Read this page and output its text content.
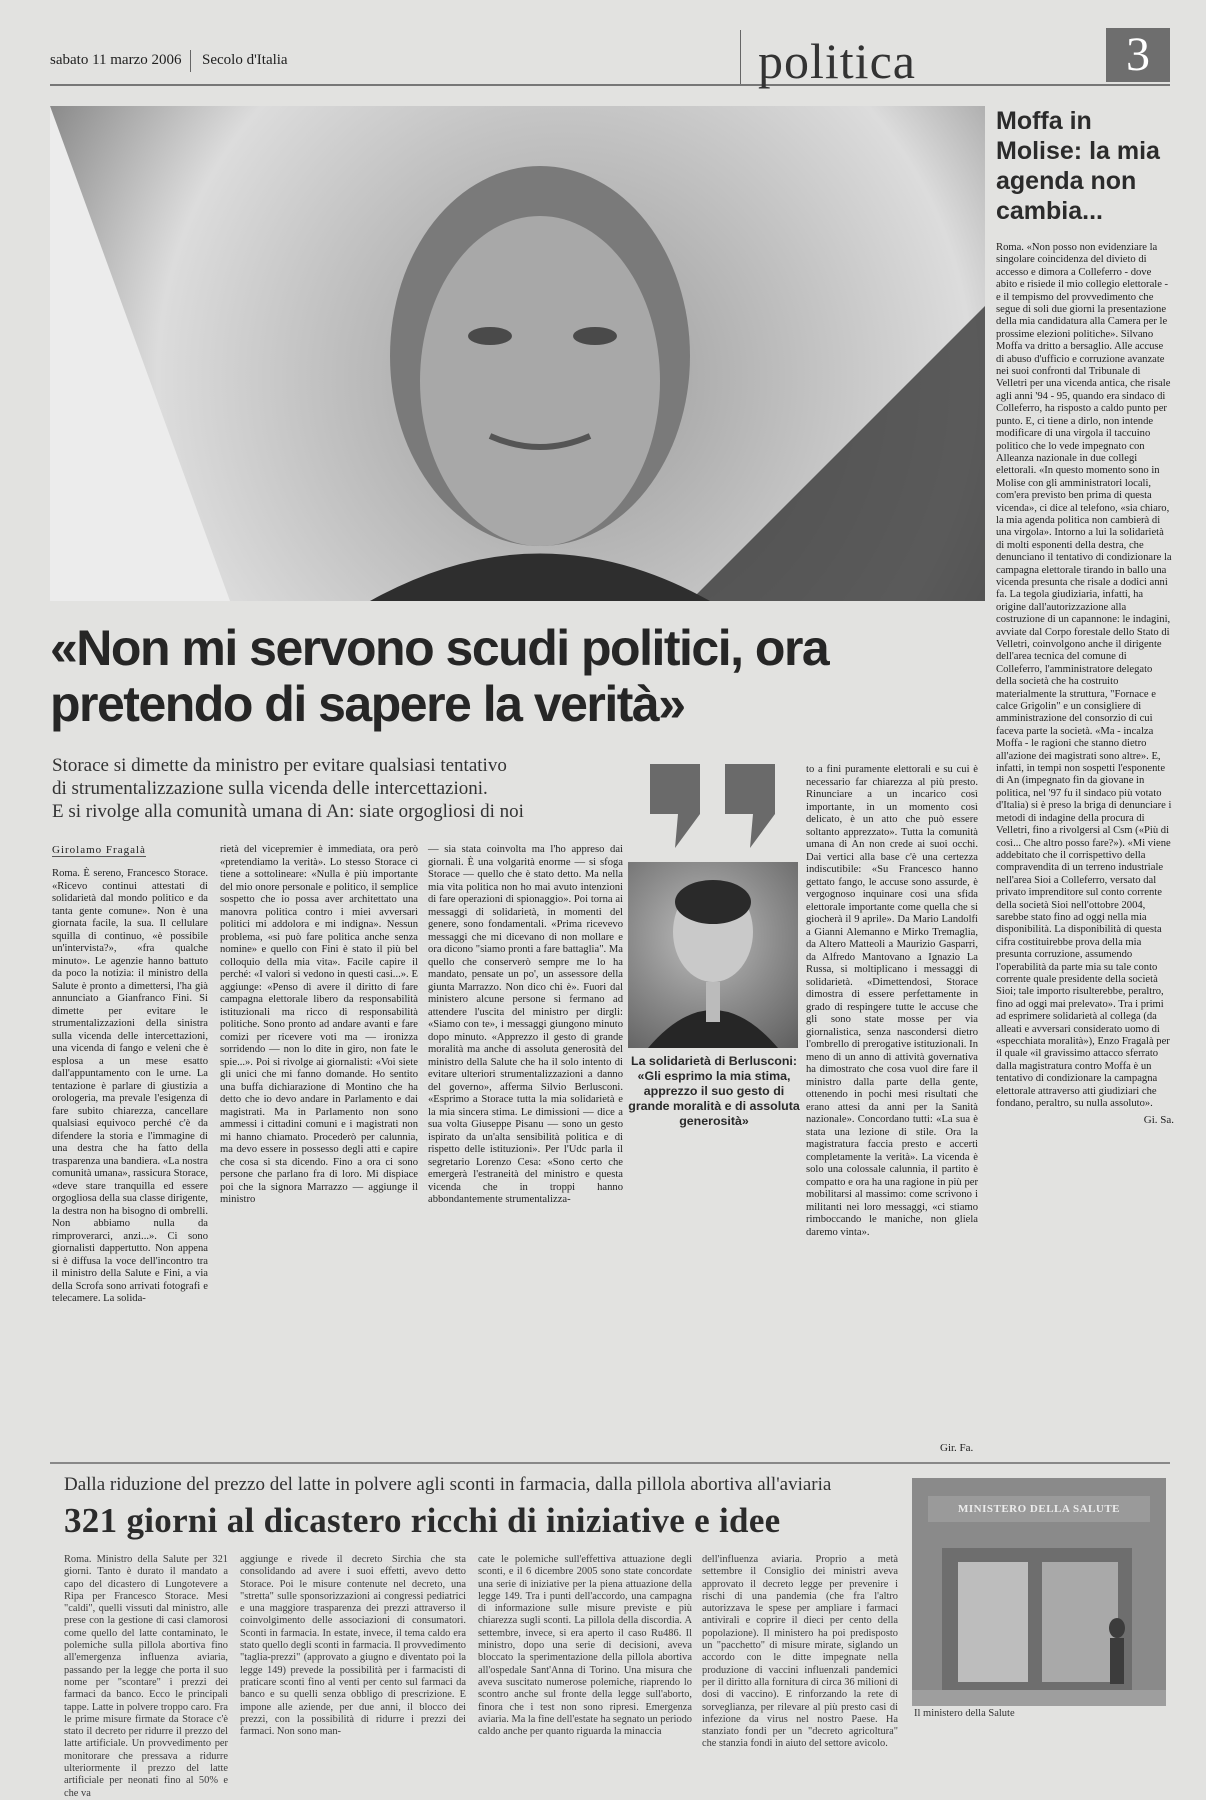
sabato 11 marzo 2006 Secolo d'Italia	politica	3
Moffa in Molise: la mia agenda non cambia...

Roma. «Non posso non evidenziare la singolare coincidenza del divieto di accesso e dimora a Colleferro - dove abito e risiede il mio collegio elettorale - e il tempismo del provvedimento che segue di soli due giorni la presentazione della mia candidatura alla Camera per le prossime elezioni politiche». Silvano Moffa va dritto a bersaglio. Alle accuse di abuso d'ufficio e corruzione avanzate nei suoi confronti dal Tribunale di Velletri per una vicenda antica, che risale agli anni '94 - 95, quando era sindaco di Colleferro, ha risposto a caldo punto per punto. E, ci tiene a dirlo, non intende modificare di una virgola il taccuino politico che lo vede impegnato con Alleanza nazionale in due collegi elettorali. «In questo momento sono in Molise con gli amministratori locali, com'era previsto ben prima di questa vicenda», ci dice al telefono, «sia chiaro, la mia agenda politica non cambierà di una virgola». Intorno a lui la solidarietà di molti esponenti della destra, che denunciano il tentativo di condizionare la campagna elettorale tirando in ballo una vicenda presunta che risale a dodici anni fa. La tegola giudiziaria, infatti, ha origine dall'autorizzazione alla costruzione di un capannone: le indagini, avviate dal Corpo forestale dello Stato di Velletri, coinvolgono anche il dirigente dell'area tecnica del comune di Colleferro, l'amministratore delegato della società che ha costruito materialmente la struttura, "Fornace e calce Grigolin" e un consigliere di amministrazione del consorzio di cui faceva parte la società. «Ma - incalza Moffa - le ragioni che stanno dietro all'azione dei magistrati sono altre». E, infatti, in tempi non sospetti l'esponente di An (impegnato fin da giovane in politica, nel '97 fu il sindaco più votato d'Italia) si è preso la briga di denunciare i metodi di indagine della procura di Velletri, fino a rivolgersi al Csm («Più di così... Che altro posso fare?»). «Mi viene addebitato che il corrispettivo della compravendita di un terreno industriale nell'area Sioi a Colleferro, versato dal privato imprenditore sul conto corrente della società Sioi nell'ottobre 2004, sarebbe stato fino ad oggi nella mia disponibilità. La disponibilità di questa cifra costituirebbe prova della mia presunta corruzione, assumendo l'operabilità da parte mia su tale conto corrente quale presidente della società Sioi; tale importo risulterebbe, peraltro, fino ad oggi mai prelevato». Tra i primi ad esprimere solidarietà al collega (da alleati e avversari considerato uomo di «specchiata moralità»), Enzo Fragalà per il quale «il gravissimo attacco sferrato dalla magistratura contro Moffa è un tentativo di condizionare la campagna elettorale attraverso atti giudiziari che fondano, peraltro, su nulla assoluto».

Gi. Sa.

«Non mi servono scudi politici, ora pretendo di sapere la verità»
Storace si dimette da ministro per evitare qualsiasi tentativo
di strumentalizzazione sulla vicenda delle intercettazioni.
E si rivolge alla comunità umana di An: siate orgogliosi di noi
Girolamo Fragalà

Roma. È sereno, Francesco Storace. «Ricevo continui attestati di solidarietà dal mondo politico e da tanta gente comune». Non è una giornata facile, la sua. Il cellulare squilla di continuo, «è possibile un'intervista?», «fra qualche minuto». Le agenzie hanno battuto da poco la notizia: il ministro della Salute è pronto a dimettersi, l'ha già annunciato a Gianfranco Fini. Si dimette per evitare le strumentalizzazioni della sinistra sulla vicenda delle intercettazioni, una vicenda di fango e veleni che è esplosa a un mese esatto dall'appuntamento con le urne. La tentazione è parlare di giustizia a orologeria, ma prevale l'esigenza di fare subito chiarezza, cancellare qualsiasi equivoco perché c'è da difendere la storia e l'immagine di una destra che ha fatto della trasparenza una bandiera. «La nostra comunità umana», rassicura Storace, «deve stare tranquilla ed essere orgogliosa della sua classe dirigente, la destra non ha bisogno di ombrelli. Non abbiamo nulla da rimproverarci, anzi...». Ci sono giornalisti dappertutto. Non appena si è diffusa la voce dell'incontro tra il ministro della Salute e Fini, a via della Scrofa sono arrivati fotografi e telecamere. La solida-

rietà del vicepremier è immediata, ora però «pretendiamo la verità». Lo stesso Storace ci tiene a sottolineare: «Nulla è più importante del mio onore personale e politico, il semplice sospetto che io possa aver architettato una manovra politica contro i miei avversari politici mi addolora e mi indigna». Nessun problema, «si può fare politica anche senza nomine» e quello con Fini è stato il più bel colloquio della mia vita». Facile capire il perché: «I valori si vedono in questi casi...». E aggiunge: «Penso di avere il diritto di fare campagna elettorale libero da responsabilità istituzionali ma ricco di responsabilità politiche. Sono pronto ad andare avanti e fare comizi per ricevere voti ma — ironizza sorridendo — non lo dite in giro, non fate le spie...». Poi si rivolge ai giornalisti: «Voi siete gli unici che mi fanno domande. Ho sentito una buffa dichiarazione di Montino che ha detto che io devo andare in Parlamento e dai magistrati. Ma in Parlamento non sono ammessi i cittadini comuni e i magistrati non mi hanno chiamato. Procederò per calunnia, ma devo essere in possesso degli atti e capire che cosa si sta dicendo. Fino a ora ci sono persone che parlano fra di loro. Mi dispiace poi che la signora Marrazzo — aggiunge il ministro

— sia stata coinvolta ma l'ho appreso dai giornali. È una volgarità enorme — si sfoga Storace — quello che è stato detto. Ma nella mia vita politica non ho mai avuto intenzioni di fare operazioni di spionaggio». Poi torna ai messaggi di solidarietà, in momenti del genere, sono fondamentali. «Prima ricevevo messaggi che mi dicevano di non mollare e ora dicono "siamo pronti a fare battaglia". Ma quello che conserverò sempre me lo ha mandato, pensate un po', un assessore della giunta Marrazzo. Non dico chi è». Fuori dal ministero alcune persone si fermano ad attendere l'uscita del ministro per dirgli: «Siamo con te», i messaggi giungono minuto dopo minuto. «Apprezzo il gesto di grande moralità ma anche di assoluta generosità del ministro della Salute che ha il solo intento di evitare ulteriori strumentalizzazioni a danno del governo», afferma Silvio Berlusconi. «Esprimo a Storace tutta la mia solidarietà e la mia sincera stima. Le dimissioni — dice a sua volta Giuseppe Pisanu — sono un gesto ispirato da un'alta sensibilità politica e di rispetto delle istituzioni». Per l'Udc parla il segretario Lorenzo Cesa: «Sono certo che emergerà l'estraneità del ministro e questa vicenda che in troppi hanno abbondantemente strumentalizza-

to a fini puramente elettorali e su cui è necessario far chiarezza al più presto. Rinunciare a un incarico così importante, in un momento così delicato, è un atto che può essere soltanto apprezzato». Tutta la comunità umana di An non crede ai suoi occhi. Dai vertici alla base c'è una certezza indiscutibile: «Su Francesco hanno gettato fango, le accuse sono assurde, è vergognoso inquinare così una sfida elettorale importante come quella che si giocherà il 9 aprile». Da Mario Landolfi a Gianni Alemanno e Mirko Tremaglia, da Altero Matteoli a Maurizio Gasparri, da Alfredo Mantovano a Ignazio La Russa, si moltiplicano i messaggi di solidarietà. «Dimettendosi, Storace dimostra di essere perfettamente in grado di respingere tutte le accuse che gli sono state mosse per via giornalistica, senza nascondersi dietro l'ombrello di prerogative istituzionali. In meno di un anno di attività governativa ha dimostrato che cosa vuol dire fare il ministro dalla parte della gente, ottenendo in pochi mesi risultati che erano attesi da anni per la Sanità nazionale». Concordano tutti: «La sua è stata una lezione di stile. Ora la magistratura faccia presto e accerti completamente la verità». La vicenda è solo una colossale calunnia, il partito è compatto e ora ha una ragione in più per mobilitarsi al massimo: come scrivono i militanti nei loro messaggi, «ci stiamo rimboccando le maniche, non gliela daremo vinta».

Gir. Fa.
La solidarietà di Berlusconi:
«Gli esprimo la mia stima, apprezzo il suo gesto di grande moralità e di assoluta generosità»
Dalla riduzione del prezzo del latte in polvere agli sconti in farmacia, dalla pillola abortiva all'aviaria
321 giorni al dicastero ricchi di iniziative e idee

Roma. Ministro della Salute per 321 giorni. Tanto è durato il mandato a capo del dicastero di Lungotevere a Ripa per Francesco Storace. Mesi "caldi", quelli vissuti dal ministro, alle prese con la gestione di casi clamorosi come quello del latte contaminato, le polemiche sulla pillola abortiva fino all'emergenza influenza aviaria, passando per la legge che porta il suo nome per "scontare" i prezzi dei farmaci da banco. Ecco le principali tappe. Latte in polvere troppo caro. Fra le prime misure firmate da Storace c'è stato il decreto per ridurre il prezzo del latte artificiale. Un provvedimento per monitorare che pressava a ridurre ulteriormente il prezzo del latte artificiale per neonati fino al 50% e che va

aggiunge e rivede il decreto Sirchia che sta consolidando ad avere i suoi effetti, avevo detto Storace. Poi le misure contenute nel decreto, una "stretta" sulle sponsorizzazioni ai congressi pediatrici e una maggiore trasparenza dei prezzi attraverso il coinvolgimento delle associazioni di consumatori. Sconti in farmacia. In estate, invece, il tema caldo era stato quello degli sconti in farmacia. Il provvedimento "taglia-prezzi" (approvato a giugno e diventato poi la legge 149) prevede la possibilità per i farmacisti di praticare sconti fino al venti per cento sul farmaci da banco e su quelli senza obbligo di prescrizione. E impone alle aziende, per due anni, il blocco dei prezzi, con la possibilità di ridurre i prezzi dei farmaci. Non sono man-

cate le polemiche sull'effettiva attuazione degli sconti, e il 6 dicembre 2005 sono state concordate una serie di iniziative per la piena attuazione della legge 149. Tra i punti dell'accordo, una campagna di informazione sulle misure previste e più chiarezza sugli sconti. La pillola della discordia. A settembre, invece, si era aperto il caso Ru486. Il ministro, dopo una serie di decisioni, aveva bloccato la sperimentazione della pillola abortiva all'ospedale Sant'Anna di Torino. Una misura che aveva suscitato numerose polemiche, riaprendo lo scontro anche sul fronte della legge sull'aborto, finora che i test non sono ripresi. Emergenza aviaria. Ma la fine dell'estate ha segnato un periodo caldo anche per quanto riguarda la minaccia

dell'influenza aviaria. Proprio a metà settembre il Consiglio dei ministri aveva approvato il decreto legge per prevenire i rischi di una pandemia (che fra l'altro autorizzava le spese per ampliare i farmaci antivirali e coprire il dieci per cento della popolazione). Il ministero ha poi predisposto un "pacchetto" di misure mirate, siglando un accordo con le ditte impegnate nella produzione di vaccini influenzali pandemici per il diritto alla fornitura di circa 36 milioni di dosi di vaccino). E rinforzando la rete di sorveglianza, per rilevare al più presto casi di infezione da virus nel nostro Paese. Ha stanziato fondi per un "decreto agricoltura" che stanzia fondi in aiuto del settore avicolo.

MINISTERO DELLA SALUTE
Il ministero della Salute
